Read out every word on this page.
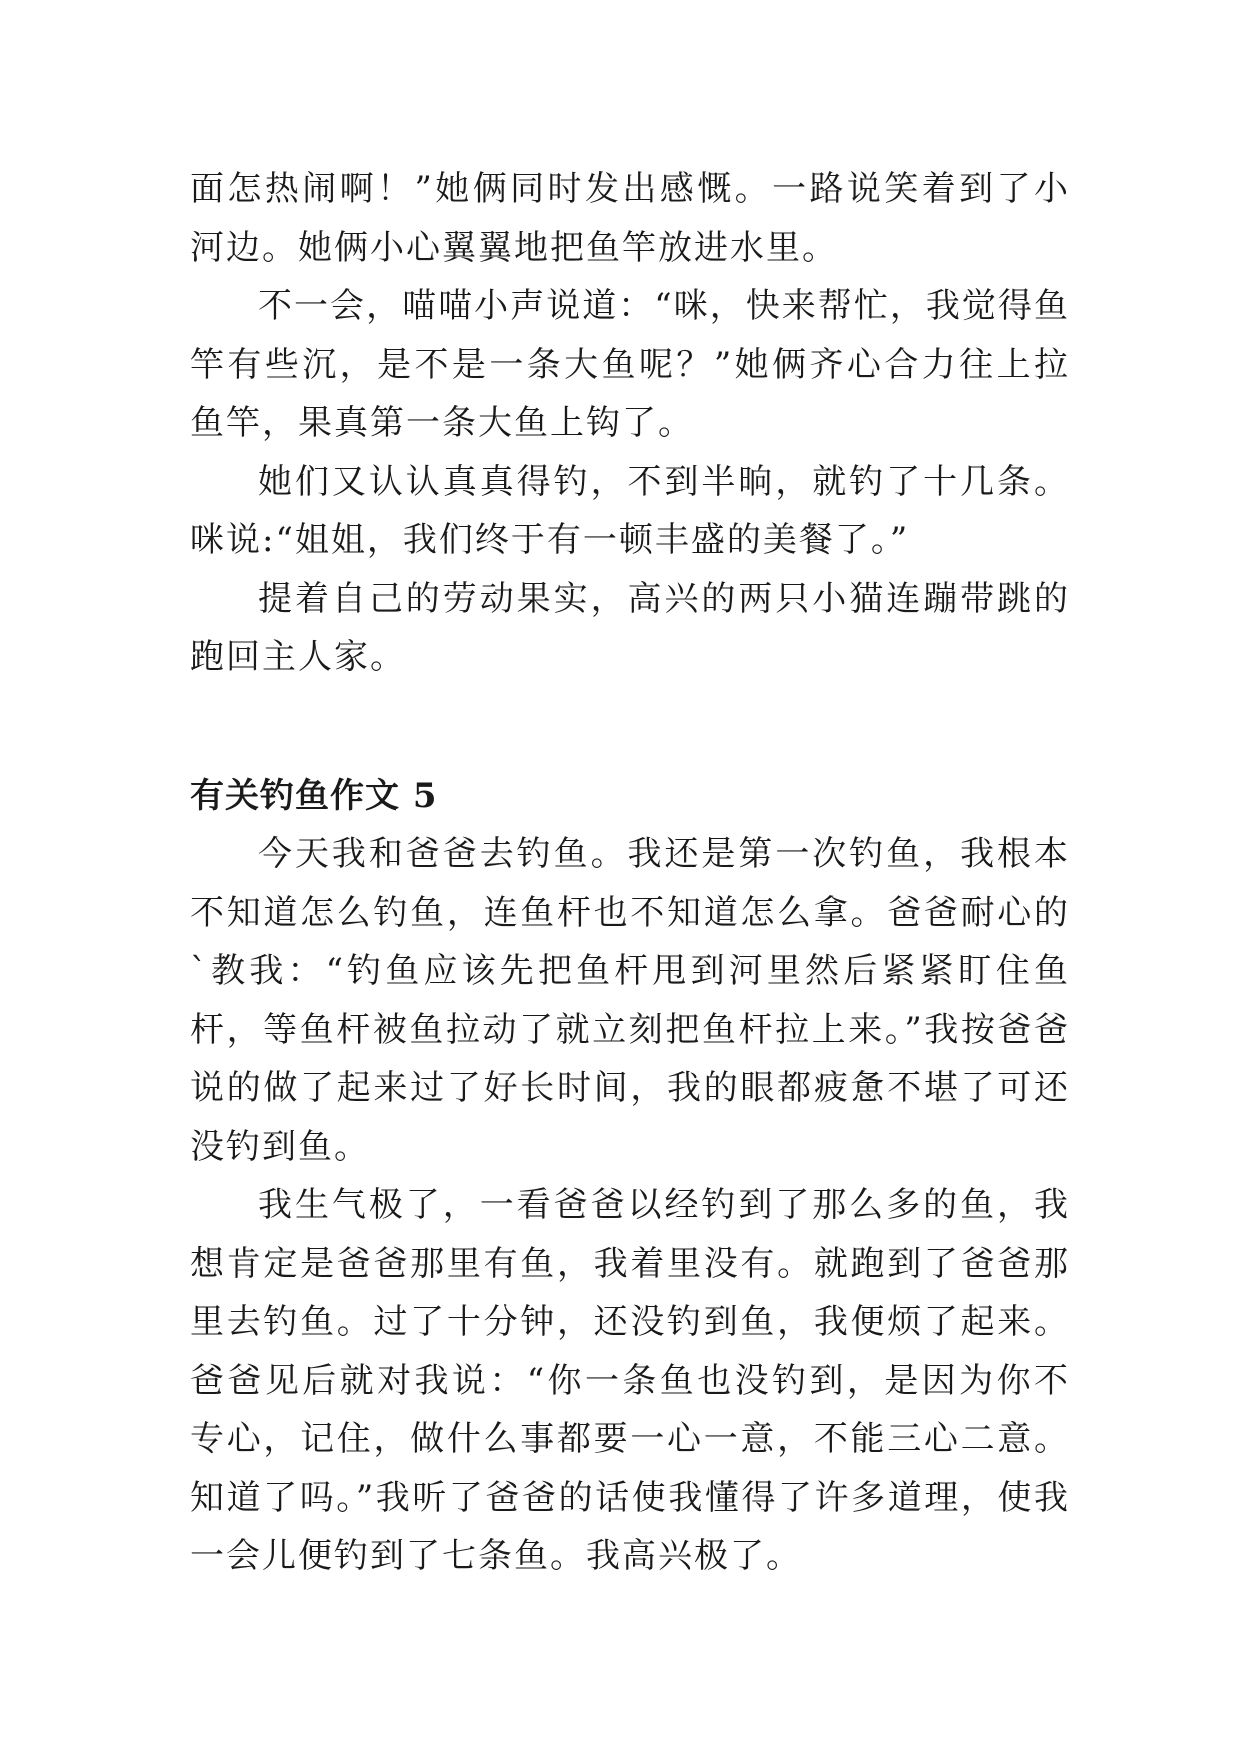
面怎热闹啊！”她俩同时发出感慨。一路说笑着到了小河边。她俩小心翼翼地把鱼竿放进水里。

不一会，喵喵小声说道：“咪，快来帮忙，我觉得鱼竿有些沉，是不是一条大鱼呢？”她俩齐心合力往上拉鱼竿，果真第一条大鱼上钩了。

她们又认认真真得钓，不到半晌，就钓了十几条。咪说:“姐姐，我们终于有一顿丰盛的美餐了。”

提着自己的劳动果实，高兴的两只小猫连蹦带跳的跑回主人家。

有关钓鱼作文 5

今天我和爸爸去钓鱼。我还是第一次钓鱼，我根本不知道怎么钓鱼，连鱼杆也不知道怎么拿。爸爸耐心的`教我：“钓鱼应该先把鱼杆甩到河里然后紧紧盯住鱼杆，等鱼杆被鱼拉动了就立刻把鱼杆拉上来。”我按爸爸说的做了起来过了好长时间，我的眼都疲惫不堪了可还没钓到鱼。

我生气极了，一看爸爸以经钓到了那么多的鱼，我想肯定是爸爸那里有鱼，我着里没有。就跑到了爸爸那里去钓鱼。过了十分钟，还没钓到鱼，我便烦了起来。爸爸见后就对我说：“你一条鱼也没钓到，是因为你不专心，记住，做什么事都要一心一意，不能三心二意。知道了吗。”我听了爸爸的话使我懂得了许多道理，使我一会儿便钓到了七条鱼。我高兴极了。
